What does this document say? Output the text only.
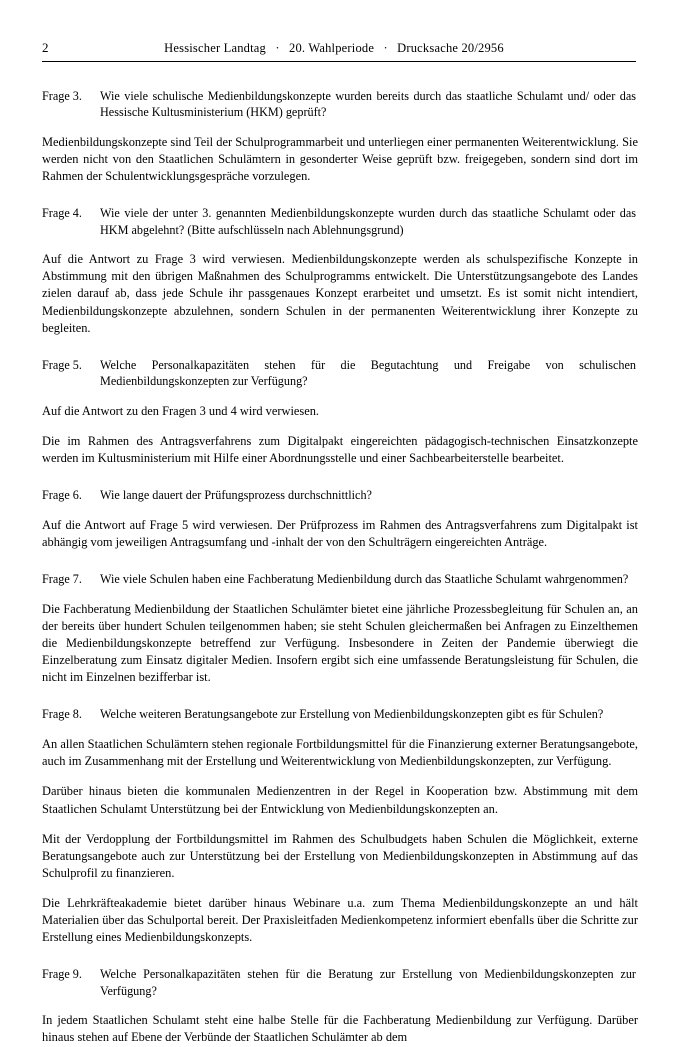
2	Hessischer Landtag · 20. Wahlperiode · Drucksache 20/2956
Frage 3.	Wie viele schulische Medienbildungskonzepte wurden bereits durch das staatliche Schulamt und/ oder das Hessische Kultusministerium (HKM) geprüft?
Medienbildungskonzepte sind Teil der Schulprogrammarbeit und unterliegen einer permanenten Weiterentwicklung. Sie werden nicht von den Staatlichen Schulämtern in gesonderter Weise geprüft bzw. freigegeben, sondern sind dort im Rahmen der Schulentwicklungsgespräche vorzulegen.
Frage 4.	Wie viele der unter 3. genannten Medienbildungskonzepte wurden durch das staatliche Schulamt oder das HKM abgelehnt? (Bitte aufschlüsseln nach Ablehnungsgrund)
Auf die Antwort zu Frage 3 wird verwiesen. Medienbildungskonzepte werden als schulspezifische Konzepte in Abstimmung mit den übrigen Maßnahmen des Schulprogramms entwickelt. Die Unterstützungsangebote des Landes zielen darauf ab, dass jede Schule ihr passgenaues Konzept erarbeitet und umsetzt. Es ist somit nicht intendiert, Medienbildungskonzepte abzulehnen, sondern Schulen in der permanenten Weiterentwicklung ihrer Konzepte zu begleiten.
Frage 5.	Welche Personalkapazitäten stehen für die Begutachtung und Freigabe von schulischen Medienbildungskonzepten zur Verfügung?
Auf die Antwort zu den Fragen 3 und 4 wird verwiesen.
Die im Rahmen des Antragsverfahrens zum Digitalpakt eingereichten pädagogisch-technischen Einsatzkonzepte werden im Kultusministerium mit Hilfe einer Abordnungsstelle und einer Sachbearbeiterstelle bearbeitet.
Frage 6.	Wie lange dauert der Prüfungsprozess durchschnittlich?
Auf die Antwort auf Frage 5 wird verwiesen. Der Prüfprozess im Rahmen des Antragsverfahrens zum Digitalpakt ist abhängig vom jeweiligen Antragsumfang und -inhalt der von den Schulträgern eingereichten Anträge.
Frage 7.	Wie viele Schulen haben eine Fachberatung Medienbildung durch das Staatliche Schulamt wahrgenommen?
Die Fachberatung Medienbildung der Staatlichen Schulämter bietet eine jährliche Prozessbegleitung für Schulen an, an der bereits über hundert Schulen teilgenommen haben; sie steht Schulen gleichermaßen bei Anfragen zu Einzelthemen die Medienbildungskonzepte betreffend zur Verfügung. Insbesondere in Zeiten der Pandemie überwiegt die Einzelberatung zum Einsatz digitaler Medien. Insofern ergibt sich eine umfassende Beratungsleistung für Schulen, die nicht im Einzelnen bezifferbar ist.
Frage 8.	Welche weiteren Beratungsangebote zur Erstellung von Medienbildungskonzepten gibt es für Schulen?
An allen Staatlichen Schulämtern stehen regionale Fortbildungsmittel für die Finanzierung externer Beratungsangebote, auch im Zusammenhang mit der Erstellung und Weiterentwicklung von Medienbildungskonzepten, zur Verfügung.
Darüber hinaus bieten die kommunalen Medienzentren in der Regel in Kooperation bzw. Abstimmung mit dem Staatlichen Schulamt Unterstützung bei der Entwicklung von Medienbildungskonzepten an.
Mit der Verdopplung der Fortbildungsmittel im Rahmen des Schulbudgets haben Schulen die Möglichkeit, externe Beratungsangebote auch zur Unterstützung bei der Erstellung von Medienbildungskonzepten in Abstimmung auf das Schulprofil zu finanzieren.
Die Lehrkräfteakademie bietet darüber hinaus Webinare u.a. zum Thema Medienbildungskonzepte an und hält Materialien über das Schulportal bereit. Der Praxisleitfaden Medienkompetenz informiert ebenfalls über die Schritte zur Erstellung eines Medienbildungskonzepts.
Frage 9.	Welche Personalkapazitäten stehen für die Beratung zur Erstellung von Medienbildungskonzepten zur Verfügung?
In jedem Staatlichen Schulamt steht eine halbe Stelle für die Fachberatung Medienbildung zur Verfügung. Darüber hinaus stehen auf Ebene der Verbünde der Staatlichen Schulämter ab dem
